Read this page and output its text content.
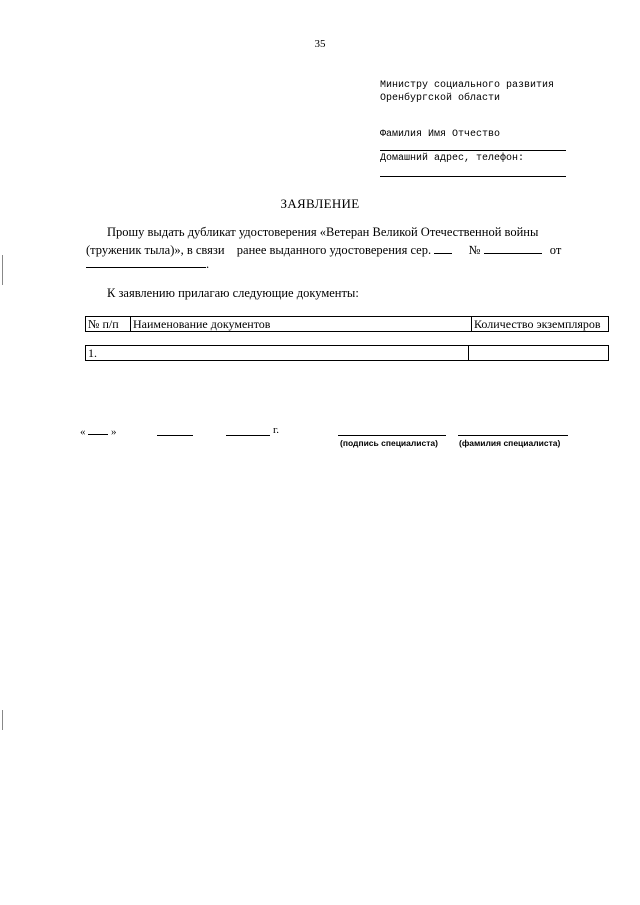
35
Министру социального развития
Оренбургской области
Фамилия Имя Отчество
Домашний адрес, телефон:
ЗАЯВЛЕНИЕ
Прошу выдать дубликат удостоверения «Ветеран Великой Отечественной войны
(труженик тыла)», в связи ранее выданного удостоверения сер.	№	от
.
К заявлению прилагаю следующие документы:
№ п/п	Наименование документов	Количество экземпляров
1.	
« »	г.
(подпись специалиста) (фамилия специалиста)
